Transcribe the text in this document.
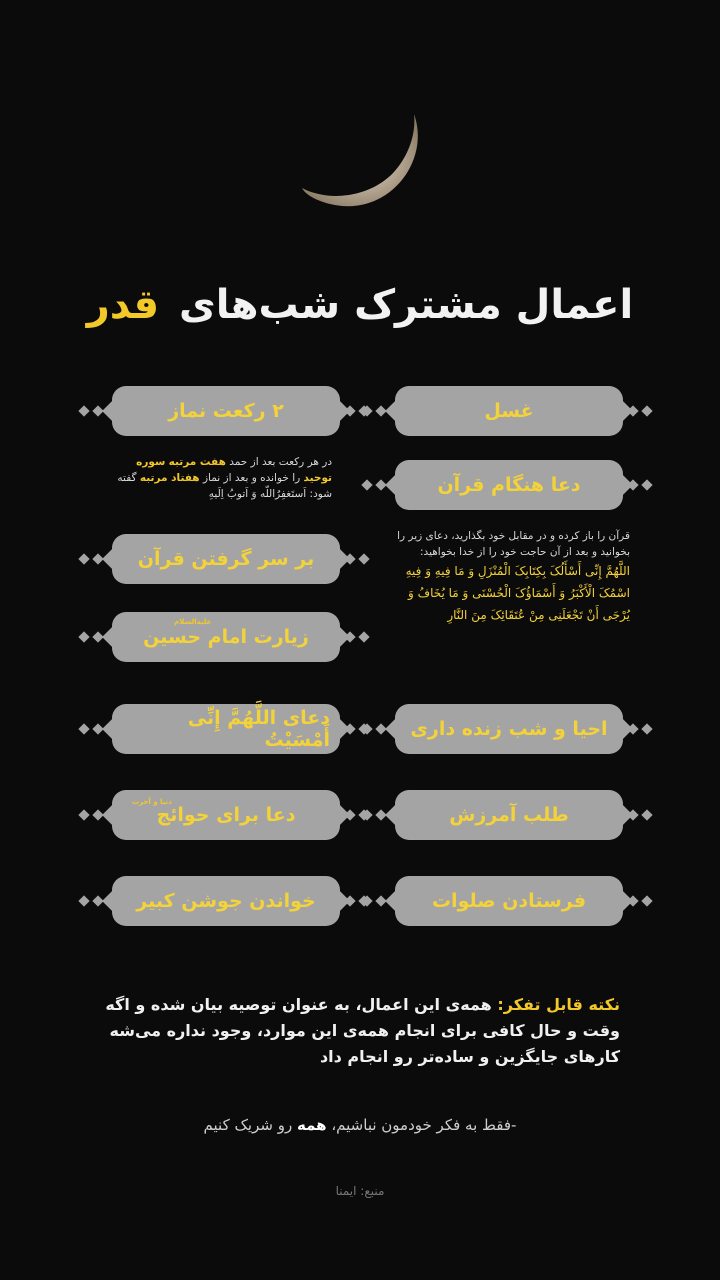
اعمال مشترک شب‌های قدر
غسل
دعا هنگام قرآن
قرآن را باز کرده و در مقابل خود بگذارید، دعای زیر را بخوانید و بعد از آن حاجت خود را از خدا بخواهید:
اللَّهُمَّ إِنِّی أَسْأَلُکَ بِکِتَابِکَ الْمُنْزَلِ وَ مَا فِیهِ وَ فِیهِ اسْمُکَ الْأَکْبَرُ وَ أَسْمَاؤُکَ الْحُسْنَی وَ مَا یُخَافُ وَ یُرْجَی أَنْ تَجْعَلَنِی مِنْ عُتَقَائِکَ مِنَ النَّارِ
احیا و شب زنده داری
طلب آمرزش
فرستادن صلوات
۲ رکعت نماز
در هر رکعت بعد از حمد هفت مرتبه سوره توحید را خوانده و بعد از نماز هفتاد مرتبه گفته شود: اَستَغفِرُاللّه وَ اَتوبُ اِلَیهِ
بر سر گرفتن قرآن
علیه‌السلام
زیارت امام حسین
دعای اللَّهُمَّ إِنِّی أَمْسَیْتُ
دنیا و آخرت
دعا برای حوائج
خواندن جوشن کبیر
نکته قابل تفکر: همه‌ی این اعمال، به عنوان توصیه بیان شده و اگه وقت و حال کافی برای انجام همه‌ی این موارد، وجود نداره می‌شه کارهای جایگزین و ساده‌تر رو انجام داد
-فقط به فکر خودمون نباشیم، همه رو شریک کنیم
منبع: ایمنا
